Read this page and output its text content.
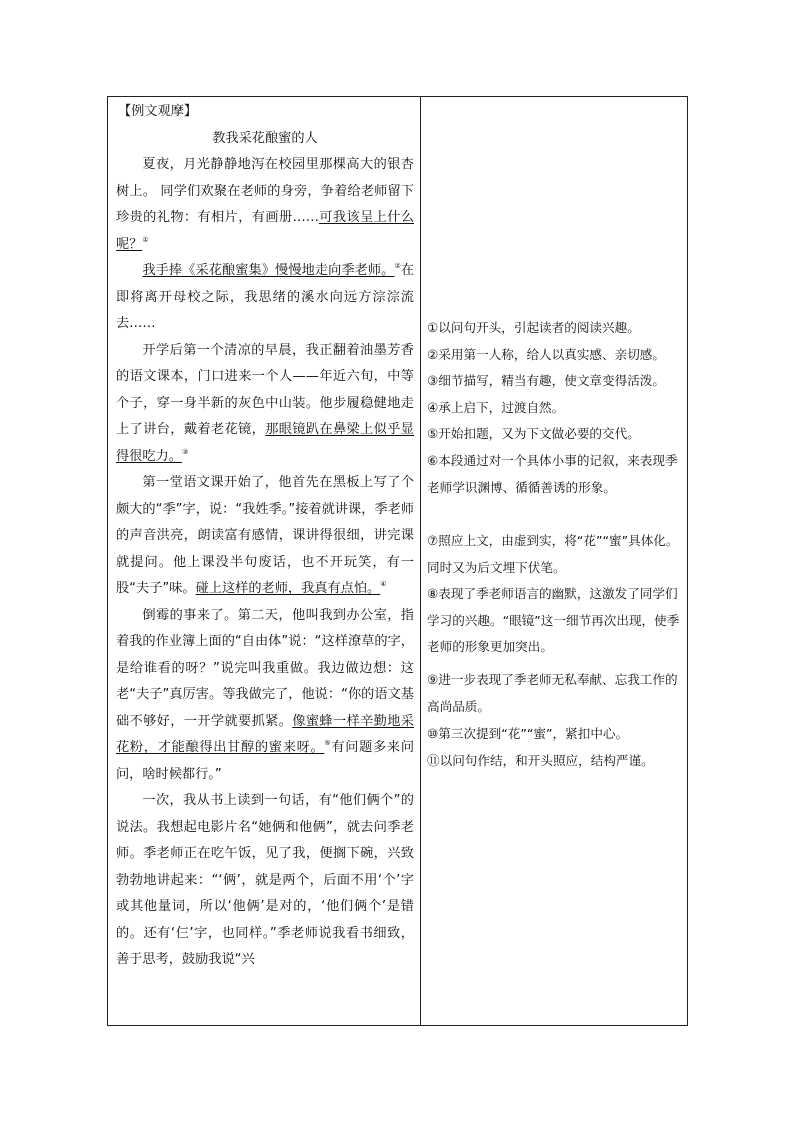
【例文观摩】

教我采花酿蜜的人

夏夜，月光静静地泻在校园里那棵高大的银杏树上。 同学们欢聚在老师的身旁，争着给老师留下珍贵的礼物：有相片，有画册……可我该呈上什么呢？①

我手捧《采花酿蜜集》慢慢地走向季老师。②在即将离开母校之际，我思绪的溪水向远方淙淙流去……

开学后第一个清凉的早晨，我正翻着油墨芳香的语文课本，门口进来一个人——年近六旬，中等个子，穿一身半新的灰色中山装。他步履稳健地走上了讲台，戴着老花镜，那眼镜趴在鼻梁上似乎显得很吃力。③

第一堂语文课开始了，他首先在黑板上写了个颇大的“季”字，说：“我姓季。”接着就讲课，季老师的声音洪亮，朗读富有感情，课讲得很细，讲完课就提问。他上课没半句废话，也不开玩笑，有一股“夫子”味。碰上这样的老师，我真有点怕。④

倒霉的事来了。第二天，他叫我到办公室，指着我的作业簿上面的“自由体”说：“这样潦草的字，是给谁看的呀？”说完叫我重做。我边做边想：这老“夫子”真厉害。等我做完了，他说：“你的语文基础不够好，一开学就要抓紧。像蜜蜂一样辛勤地采花粉，才能酿得出甘醇的蜜来呀。⑤有问题多来问问，啥时候都行。”

一次，我从书上读到一句话，有“他们俩个”的说法。我想起电影片名“她俩和他俩”，就去问季老师。季老师正在吃午饭，见了我，便搁下碗，兴致勃勃地讲起来：“‘俩’，就是两个，后面不用‘个’字或其他量词，所以‘他俩’是对的，‘他们俩个’是错的。还有‘仨’字，也同样。”季老师说我看书细致，善于思考，鼓励我说“兴

①以问句开头，引起读者的阅读兴趣。

②采用第一人称，给人以真实感、亲切感。

③细节描写，精当有趣，使文章变得活泼。

④承上启下，过渡自然。

⑤开始扣题，又为下文做必要的交代。

⑥本段通过对一个具体小事的记叙，来表现季老师学识渊博、循循善诱的形象。

⑦照应上文，由虚到实，将“花”“蜜”具体化。同时又为后文埋下伏笔。

⑧表现了季老师语言的幽默，这激发了同学们学习的兴趣。“眼镜”这一细节再次出现，使季老师的形象更加突出。

⑨进一步表现了季老师无私奉献、忘我工作的高尚品质。

⑩第三次提到“花”“蜜”，紧扣中心。

⑪以问句作结，和开头照应，结构严谨。
